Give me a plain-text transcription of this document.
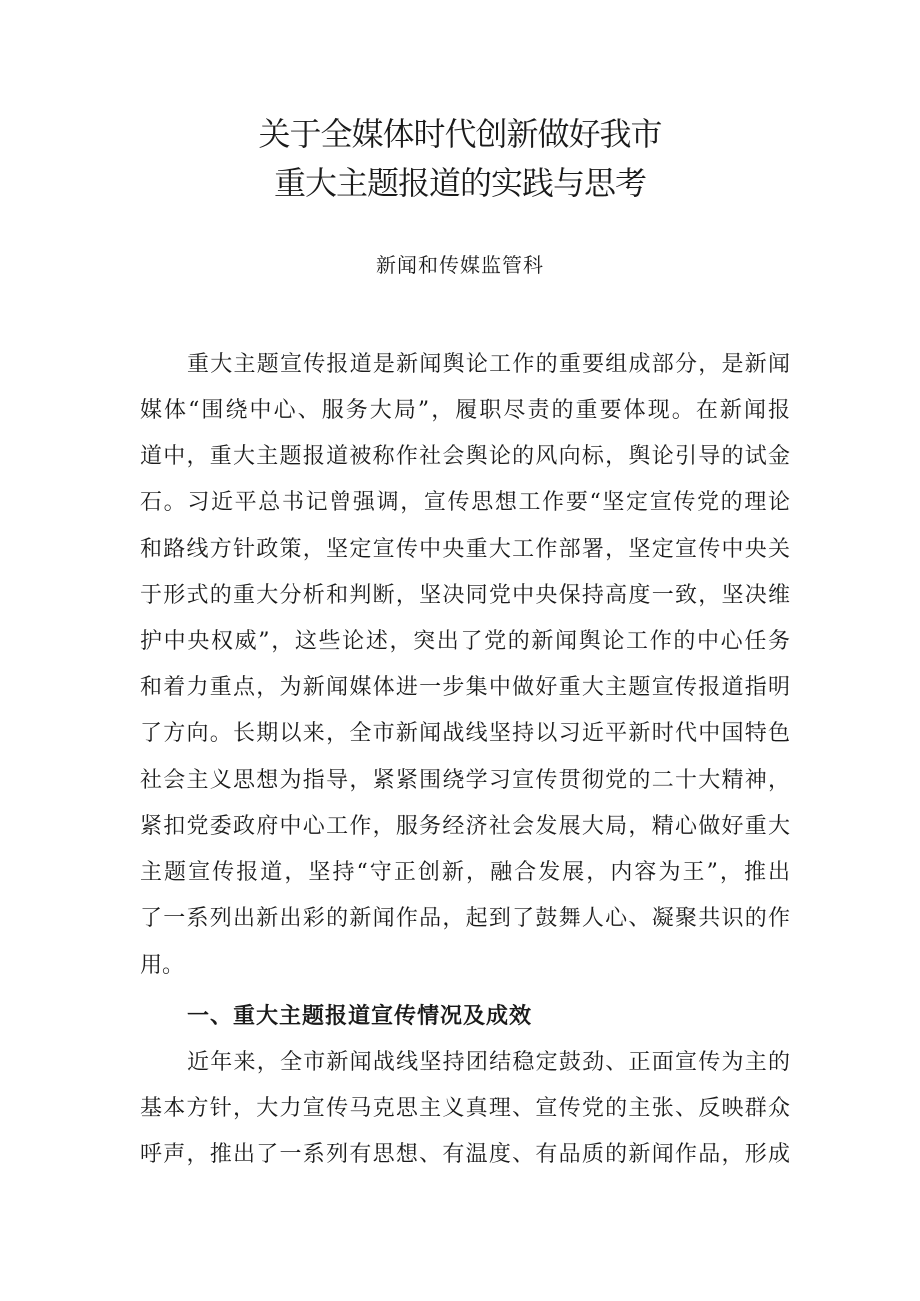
关于全媒体时代创新做好我市
重大主题报道的实践与思考
新闻和传媒监管科
重大主题宣传报道是新闻舆论工作的重要组成部分，是新闻
媒体“围绕中心、服务大局”，履职尽责的重要体现。在新闻报
道中，重大主题报道被称作社会舆论的风向标，舆论引导的试金
石。习近平总书记曾强调，宣传思想工作要“坚定宣传党的理论
和路线方针政策，坚定宣传中央重大工作部署，坚定宣传中央关
于形式的重大分析和判断，坚决同党中央保持高度一致，坚决维
护中央权威”，这些论述，突出了党的新闻舆论工作的中心任务
和着力重点，为新闻媒体进一步集中做好重大主题宣传报道指明
了方向。长期以来，全市新闻战线坚持以习近平新时代中国特色
社会主义思想为指导，紧紧围绕学习宣传贯彻党的二十大精神，
紧扣党委政府中心工作，服务经济社会发展大局，精心做好重大
主题宣传报道，坚持“守正创新，融合发展，内容为王”，推出
了一系列出新出彩的新闻作品，起到了鼓舞人心、凝聚共识的作
用。
一、重大主题报道宣传情况及成效
近年来，全市新闻战线坚持团结稳定鼓劲、正面宣传为主的
基本方针，大力宣传马克思主义真理、宣传党的主张、反映群众
呼声，推出了一系列有思想、有温度、有品质的新闻作品，形成
